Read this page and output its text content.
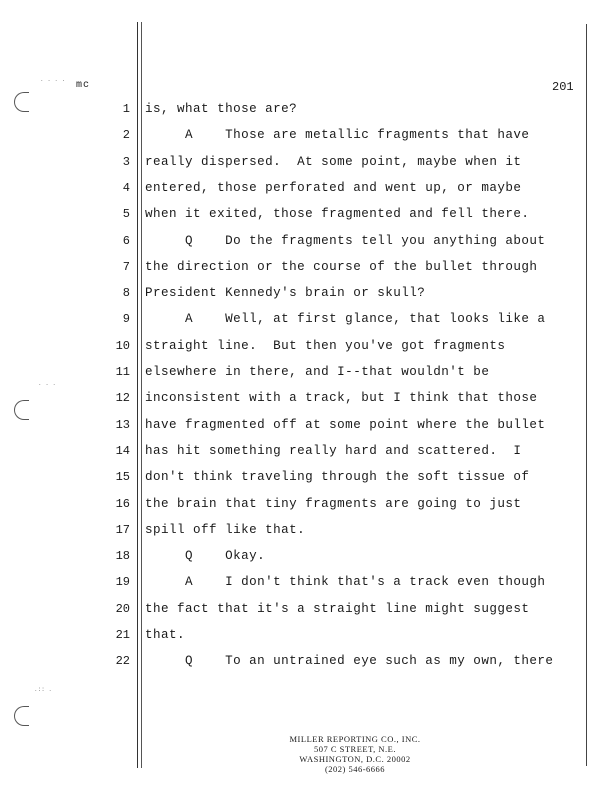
. . . .
. . .
.:: .
mc	201
1 is, what those are?
2 A    Those are metallic fragments that have
3 really dispersed.  At some point, maybe when it
4 entered, those perforated and went up, or maybe
5 when it exited, those fragmented and fell there.
6 Q    Do the fragments tell you anything about
7 the direction or the course of the bullet through
8 President Kennedy's brain or skull?
9 A    Well, at first glance, that looks like a
10 straight line.  But then you've got fragments
11 elsewhere in there, and I--that wouldn't be
12 inconsistent with a track, but I think that those
13 have fragmented off at some point where the bullet
14 has hit something really hard and scattered.  I
15 don't think traveling through the soft tissue of
16 the brain that tiny fragments are going to just
17 spill off like that.
18 Q    Okay.
19 A    I don't think that's a track even though
20 the fact that it's a straight line might suggest
21 that.
22 Q    To an untrained eye such as my own, there
MILLER REPORTING CO., INC.
507 C STREET, N.E.
WASHINGTON, D.C. 20002
(202) 546-6666
